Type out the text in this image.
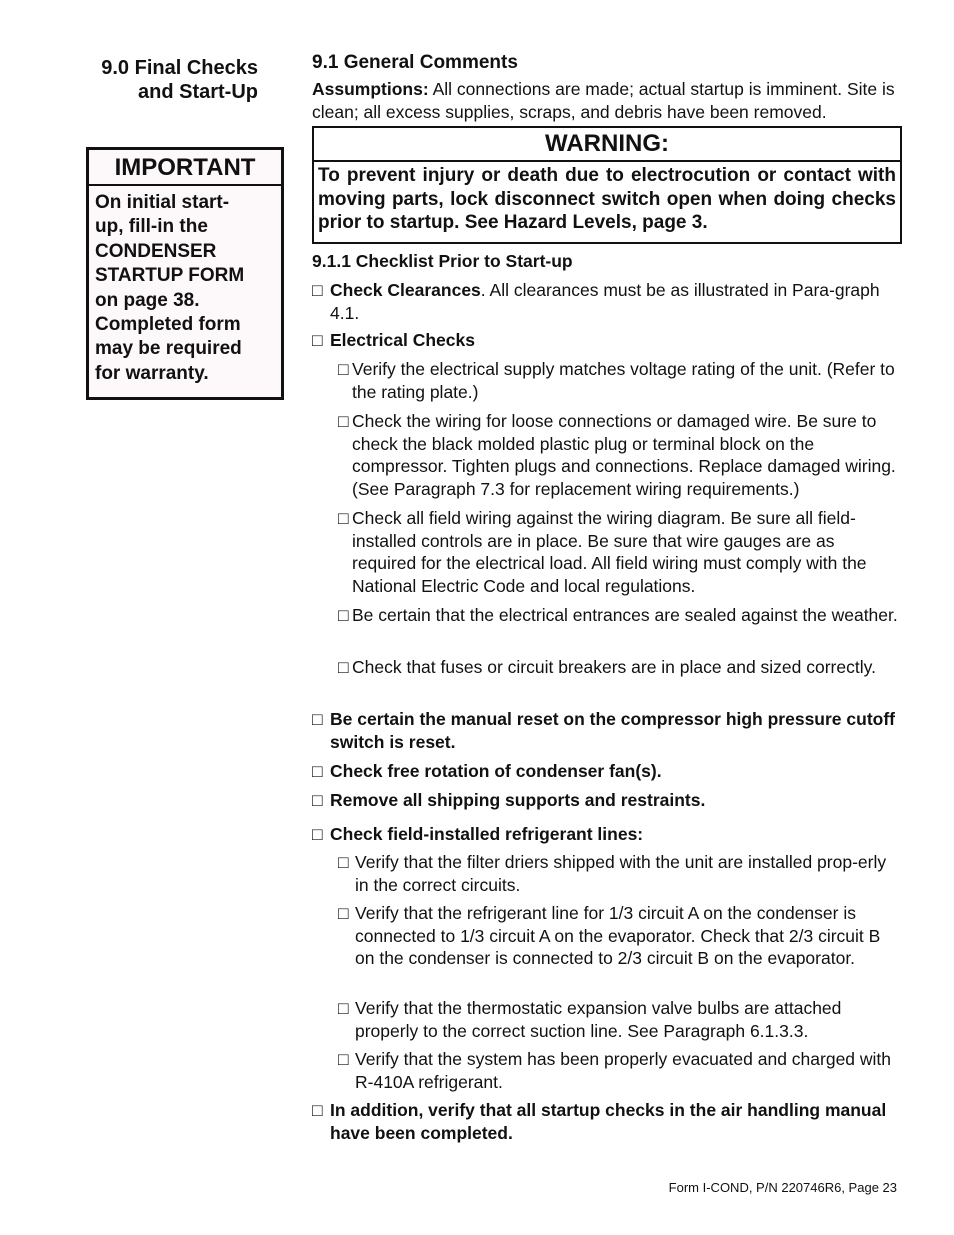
9.0 Final Checks
and Start-Up
IMPORTANT
On initial start-
up, fill-in the
CONDENSER
STARTUP FORM
on page 38.
Completed form
may be required
for warranty.
9.1 General Comments
Assumptions: All connections are made; actual startup is imminent. Site is clean; all excess supplies, scraps, and debris have been removed.
WARNING:
To prevent injury or death due to electrocution or contact with moving parts, lock disconnect switch open when doing checks prior to startup. See Hazard Levels, page 3.
9.1.1 Checklist Prior to Start-up
□ Check Clearances. All clearances must be as illustrated in Para-graph 4.1.
□ Electrical Checks
□ Verify the electrical supply matches voltage rating of the unit. (Refer to the rating plate.)
□ Check the wiring for loose connections or damaged wire. Be sure to check the black molded plastic plug or terminal block on the compressor. Tighten plugs and connections. Replace damaged wiring. (See Paragraph 7.3 for replacement wiring requirements.)
□ Check all field wiring against the wiring diagram. Be sure all field-installed controls are in place. Be sure that wire gauges are as required for the electrical load. All field wiring must comply with the National Electric Code and local regulations.
□ Be certain that the electrical entrances are sealed against the weather.
□ Check that fuses or circuit breakers are in place and sized correctly.
□ Be certain the manual reset on the compressor high pressure cutoff switch is reset.
□ Check free rotation of condenser fan(s).
□ Remove all shipping supports and restraints.
□ Check field-installed refrigerant lines:
□ Verify that the filter driers shipped with the unit are installed prop-erly in the correct circuits.
□ Verify that the refrigerant line for 1/3 circuit A on the condenser is connected to 1/3 circuit A on the evaporator. Check that 2/3 circuit B on the condenser is connected to 2/3 circuit B on the evaporator.
□ Verify that the thermostatic expansion valve bulbs are attached properly to the correct suction line. See Paragraph 6.1.3.3.
□ Verify that the system has been properly evacuated and charged with R-410A refrigerant.
□ In addition, verify that all startup checks in the air handling manual have been completed.
Form I-COND, P/N 220746R6, Page 23
